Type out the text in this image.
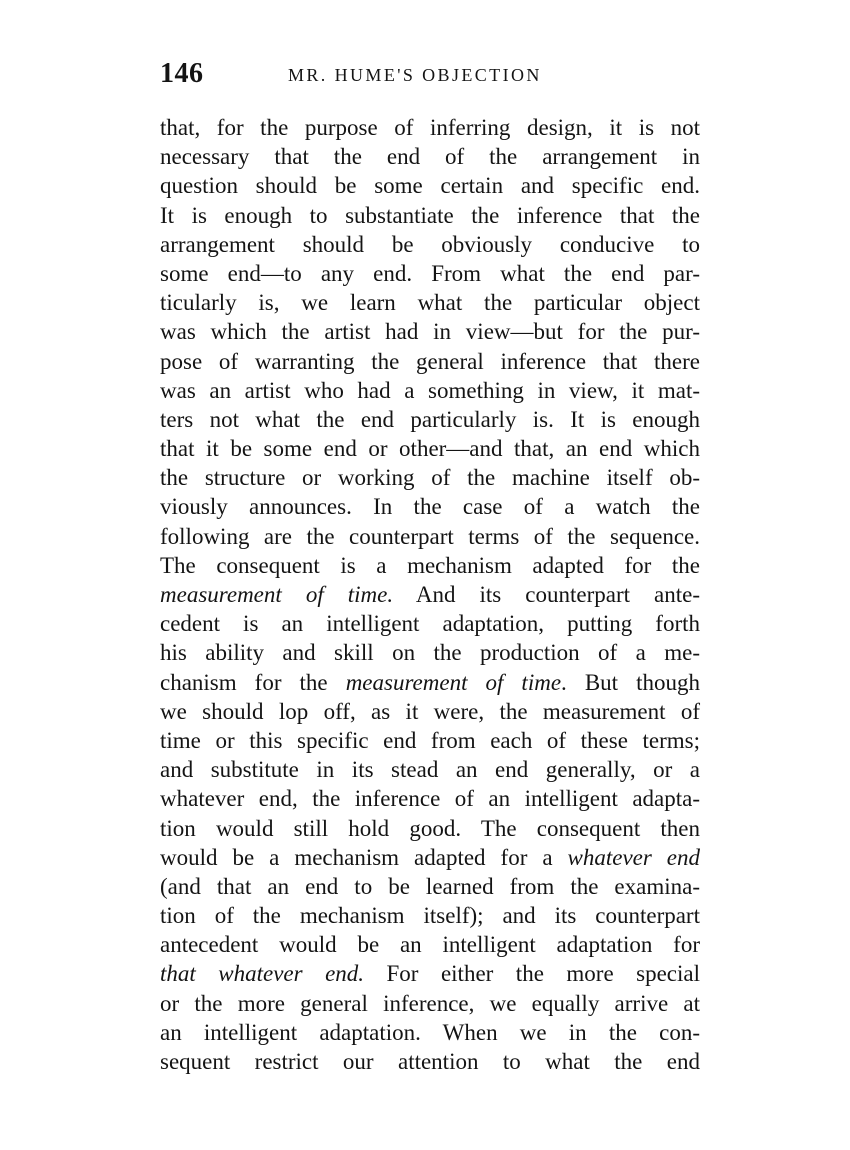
146	MR. HUME'S OBJECTION
that, for the purpose of inferring design, it is not
necessary that the end of the arrangement in
question should be some certain and specific end.
It is enough to substantiate the inference that the
arrangement should be obviously conducive to
some end—to any end. From what the end par-
ticularly is, we learn what the particular object
was which the artist had in view—but for the pur-
pose of warranting the general inference that there
was an artist who had a something in view, it mat-
ters not what the end particularly is. It is enough
that it be some end or other—and that, an end which
the structure or working of the machine itself ob-
viously announces. In the case of a watch the
following are the counterpart terms of the sequence.
The consequent is a mechanism adapted for the
measurement of time. And its counterpart ante-
cedent is an intelligent adaptation, putting forth
his ability and skill on the production of a me-
chanism for the measurement of time. But though
we should lop off, as it were, the measurement of
time or this specific end from each of these terms;
and substitute in its stead an end generally, or a
whatever end, the inference of an intelligent adapta-
tion would still hold good. The consequent then
would be a mechanism adapted for a whatever end
(and that an end to be learned from the examina-
tion of the mechanism itself); and its counterpart
antecedent would be an intelligent adaptation for
that whatever end. For either the more special
or the more general inference, we equally arrive at
an intelligent adaptation. When we in the con-
sequent restrict our attention to what the end
